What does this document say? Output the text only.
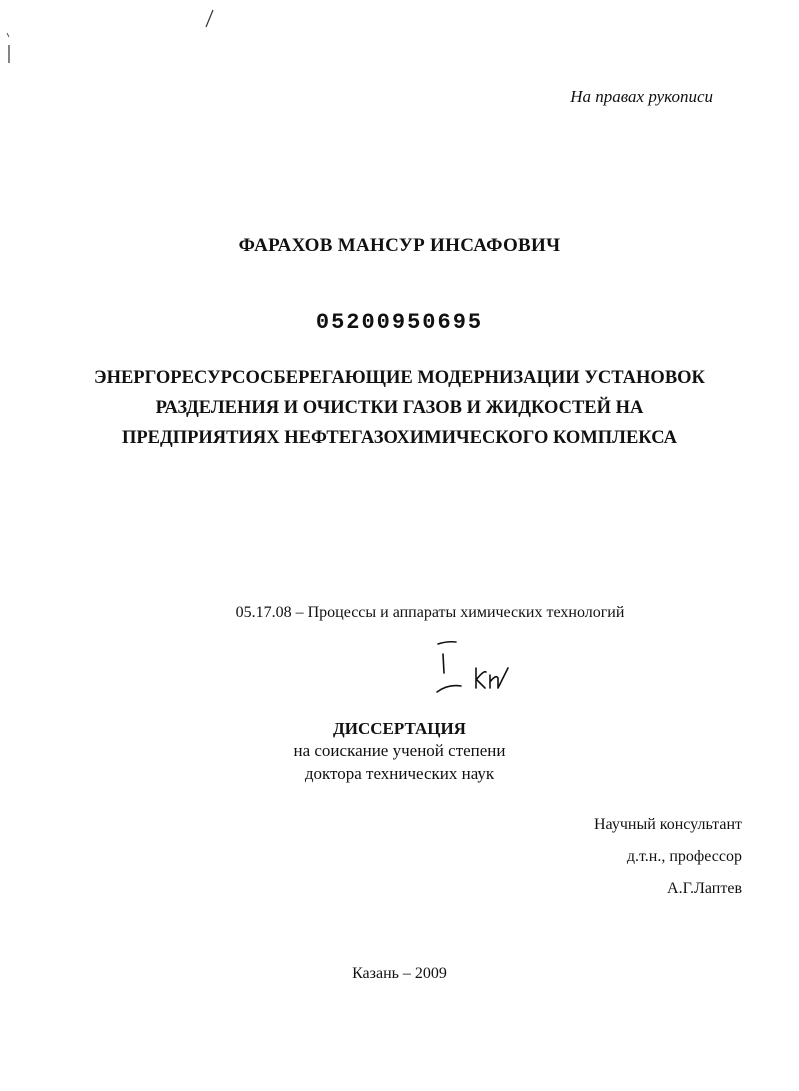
На правах рукописи
ФАРАХОВ МАНСУР ИНСАФОВИЧ
05200950695
ЭНЕРГОРЕСУРСОСБЕРЕГАЮЩИЕ МОДЕРНИЗАЦИИ УСТАНОВОК
РАЗДЕЛЕНИЯ И ОЧИСТКИ ГАЗОВ И ЖИДКОСТЕЙ НА
ПРЕДПРИЯТИЯХ НЕФТЕГАЗОХИМИЧЕСКОГО КОМПЛЕКСА
05.17.08 – Процессы и аппараты химических технологий
ДИССЕРТАЦИЯ
на соискание ученой степени
доктора технических наук
Научный консультант
д.т.н., профессор
А.Г.Лаптев
Казань – 2009
